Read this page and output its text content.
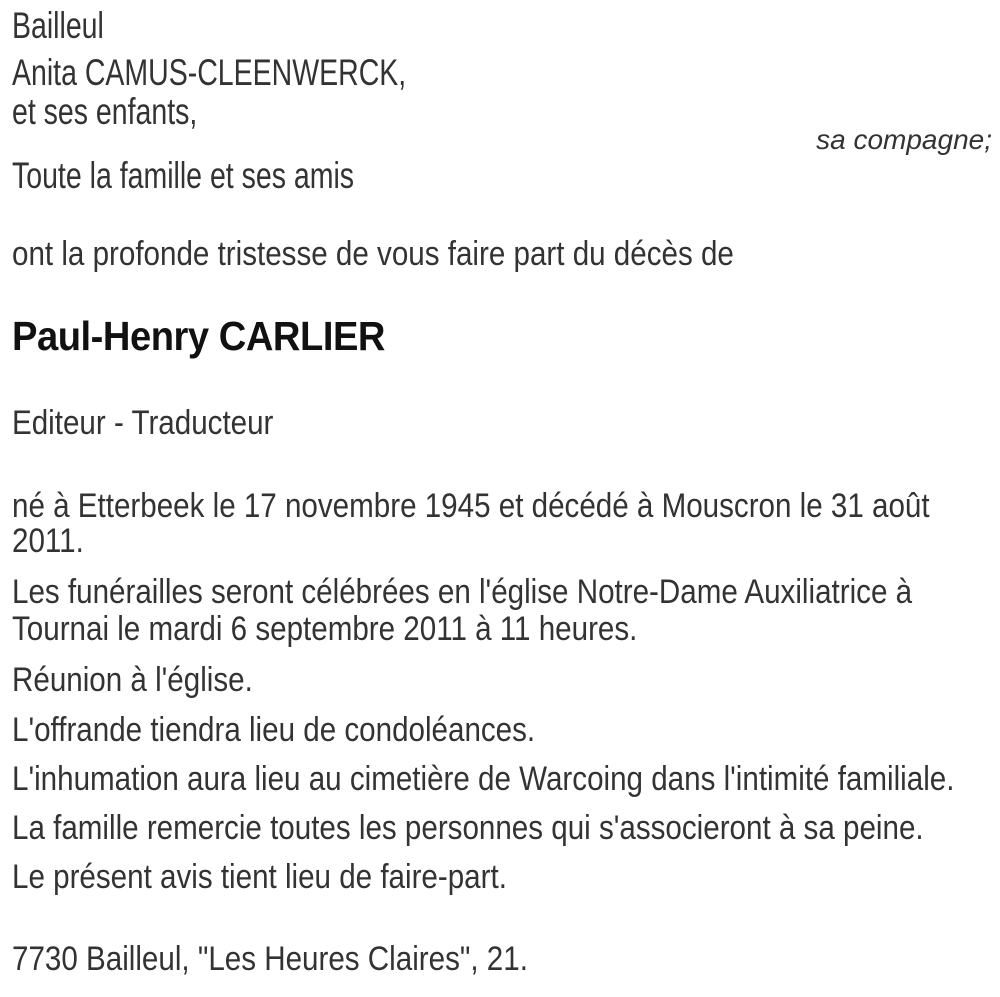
Bailleul
Anita CAMUS-CLEENWERCK,
et ses enfants,
sa compagne;
Toute la famille et ses amis
ont la profonde tristesse de vous faire part du décès de
Paul-Henry CARLIER
Editeur - Traducteur
né à Etterbeek le 17 novembre 1945 et décédé à Mouscron le 31 août
2011.
Les funérailles seront célébrées en l'église Notre-Dame Auxiliatrice à
Tournai le mardi 6 septembre 2011 à 11 heures.
Réunion à l'église.
L'offrande tiendra lieu de condoléances.
L'inhumation aura lieu au cimetière de Warcoing dans l'intimité familiale.
La famille remercie toutes les personnes qui s'associeront à sa peine.
Le présent avis tient lieu de faire-part.
7730 Bailleul, "Les Heures Claires", 21.
